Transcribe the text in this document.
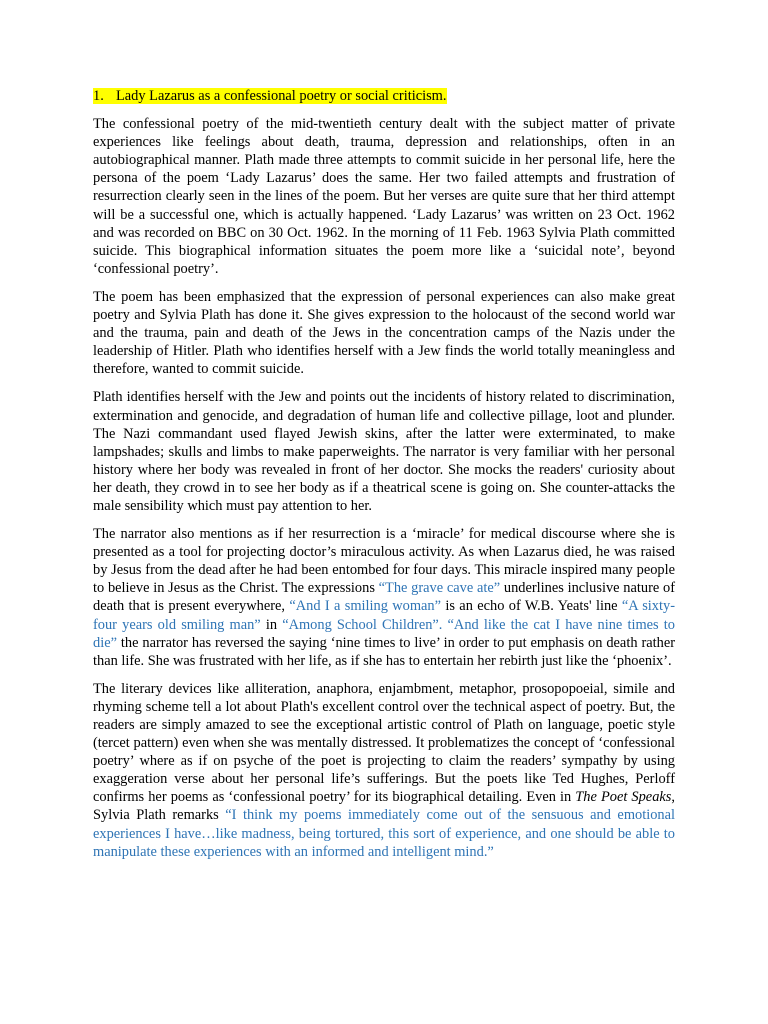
1. Lady Lazarus as a confessional poetry or social criticism.

The confessional poetry of the mid-twentieth century dealt with the subject matter of private experiences like feelings about death, trauma, depression and relationships, often in an autobiographical manner. Plath made three attempts to commit suicide in her personal life, here the persona of the poem ‘Lady Lazarus’ does the same. Her two failed attempts and frustration of resurrection clearly seen in the lines of the poem. But her verses are quite sure that her third attempt will be a successful one, which is actually happened. ‘Lady Lazarus’ was written on 23 Oct. 1962 and was recorded on BBC on 30 Oct. 1962. In the morning of 11 Feb. 1963 Sylvia Plath committed suicide. This biographical information situates the poem more like a ‘suicidal note’, beyond ‘confessional poetry’.

The poem has been emphasized that the expression of personal experiences can also make great poetry and Sylvia Plath has done it. She gives expression to the holocaust of the second world war and the trauma, pain and death of the Jews in the concentration camps of the Nazis under the leadership of Hitler. Plath who identifies herself with a Jew finds the world totally meaningless and therefore, wanted to commit suicide.

Plath identifies herself with the Jew and points out the incidents of history related to discrimination, extermination and genocide, and degradation of human life and collective pillage, loot and plunder. The Nazi commandant used flayed Jewish skins, after the latter were exterminated, to make lampshades; skulls and limbs to make paperweights. The narrator is very familiar with her personal history where her body was revealed in front of her doctor. She mocks the readers' curiosity about her death, they crowd in to see her body as if a theatrical scene is going on. She counter-attacks the male sensibility which must pay attention to her.

The narrator also mentions as if her resurrection is a ‘miracle’ for medical discourse where she is presented as a tool for projecting doctor’s miraculous activity. As when Lazarus died, he was raised by Jesus from the dead after he had been entombed for four days. This miracle inspired many people to believe in Jesus as the Christ. The expressions “The grave cave ate” underlines inclusive nature of death that is present everywhere, “And I a smiling woman” is an echo of W.B. Yeats' line “A sixty- four years old smiling man” in “Among School Children”. “And like the cat I have nine times to die” the narrator has reversed the saying ‘nine times to live’ in order to put emphasis on death rather than life. She was frustrated with her life, as if she has to entertain her rebirth just like the ‘phoenix’.

The literary devices like alliteration, anaphora, enjambment, metaphor, prosopopoeial, simile and rhyming scheme tell a lot about Plath's excellent control over the technical aspect of poetry. But, the readers are simply amazed to see the exceptional artistic control of Plath on language, poetic style (tercet pattern) even when she was mentally distressed. It problematizes the concept of ‘confessional poetry’ where as if on psyche of the poet is projecting to claim the readers’ sympathy by using exaggeration verse about her personal life’s sufferings. But the poets like Ted Hughes, Perloff confirms her poems as ‘confessional poetry’ for its biographical detailing. Even in The Poet Speaks, Sylvia Plath remarks “I think my poems immediately come out of the sensuous and emotional experiences I have…like madness, being tortured, this sort of experience, and one should be able to manipulate these experiences with an informed and intelligent mind.”
